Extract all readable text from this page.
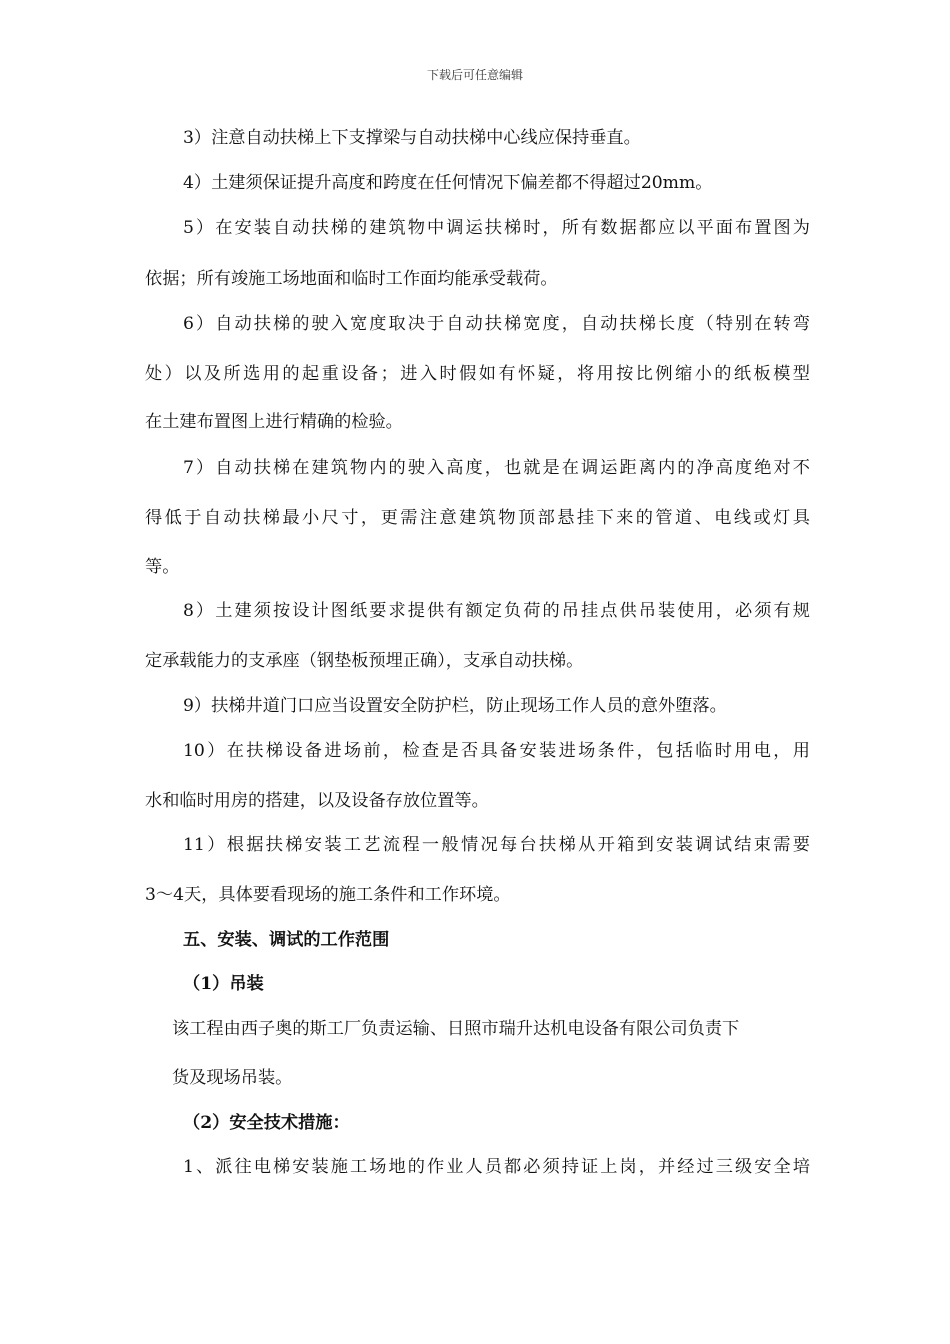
下载后可任意编辑
3）注意自动扶梯上下支撑梁与自动扶梯中心线应保持垂直。
4）土建须保证提升高度和跨度在任何情况下偏差都不得超过20mm。
5）在安装自动扶梯的建筑物中调运扶梯时，所有数据都应以平面布置图为
依据；所有竣施工场地面和临时工作面均能承受载荷。
6）自动扶梯的驶入宽度取决于自动扶梯宽度，自动扶梯长度（特别在转弯
处）以及所选用的起重设备；进入时假如有怀疑，将用按比例缩小的纸板模型
在土建布置图上进行精确的检验。
7）自动扶梯在建筑物内的驶入高度，也就是在调运距离内的净高度绝对不
得低于自动扶梯最小尺寸，更需注意建筑物顶部悬挂下来的管道、电线或灯具
等。
8）土建须按设计图纸要求提供有额定负荷的吊挂点供吊装使用，必须有规
定承载能力的支承座（钢垫板预埋正确），支承自动扶梯。
9）扶梯井道门口应当设置安全防护栏，防止现场工作人员的意外堕落。
10）在扶梯设备进场前，检查是否具备安装进场条件，包括临时用电，用
水和临时用房的搭建，以及设备存放位置等。
11）根据扶梯安装工艺流程一般情况每台扶梯从开箱到安装调试结束需要
3～4天，具体要看现场的施工条件和工作环境。
五、安装、调试的工作范围
（1）吊装
该工程由西子奥的斯工厂负责运输、日照市瑞升达机电设备有限公司负责下
货及现场吊装。
（2）安全技术措施：
1、派往电梯安装施工场地的作业人员都必须持证上岗，并经过三级安全培
